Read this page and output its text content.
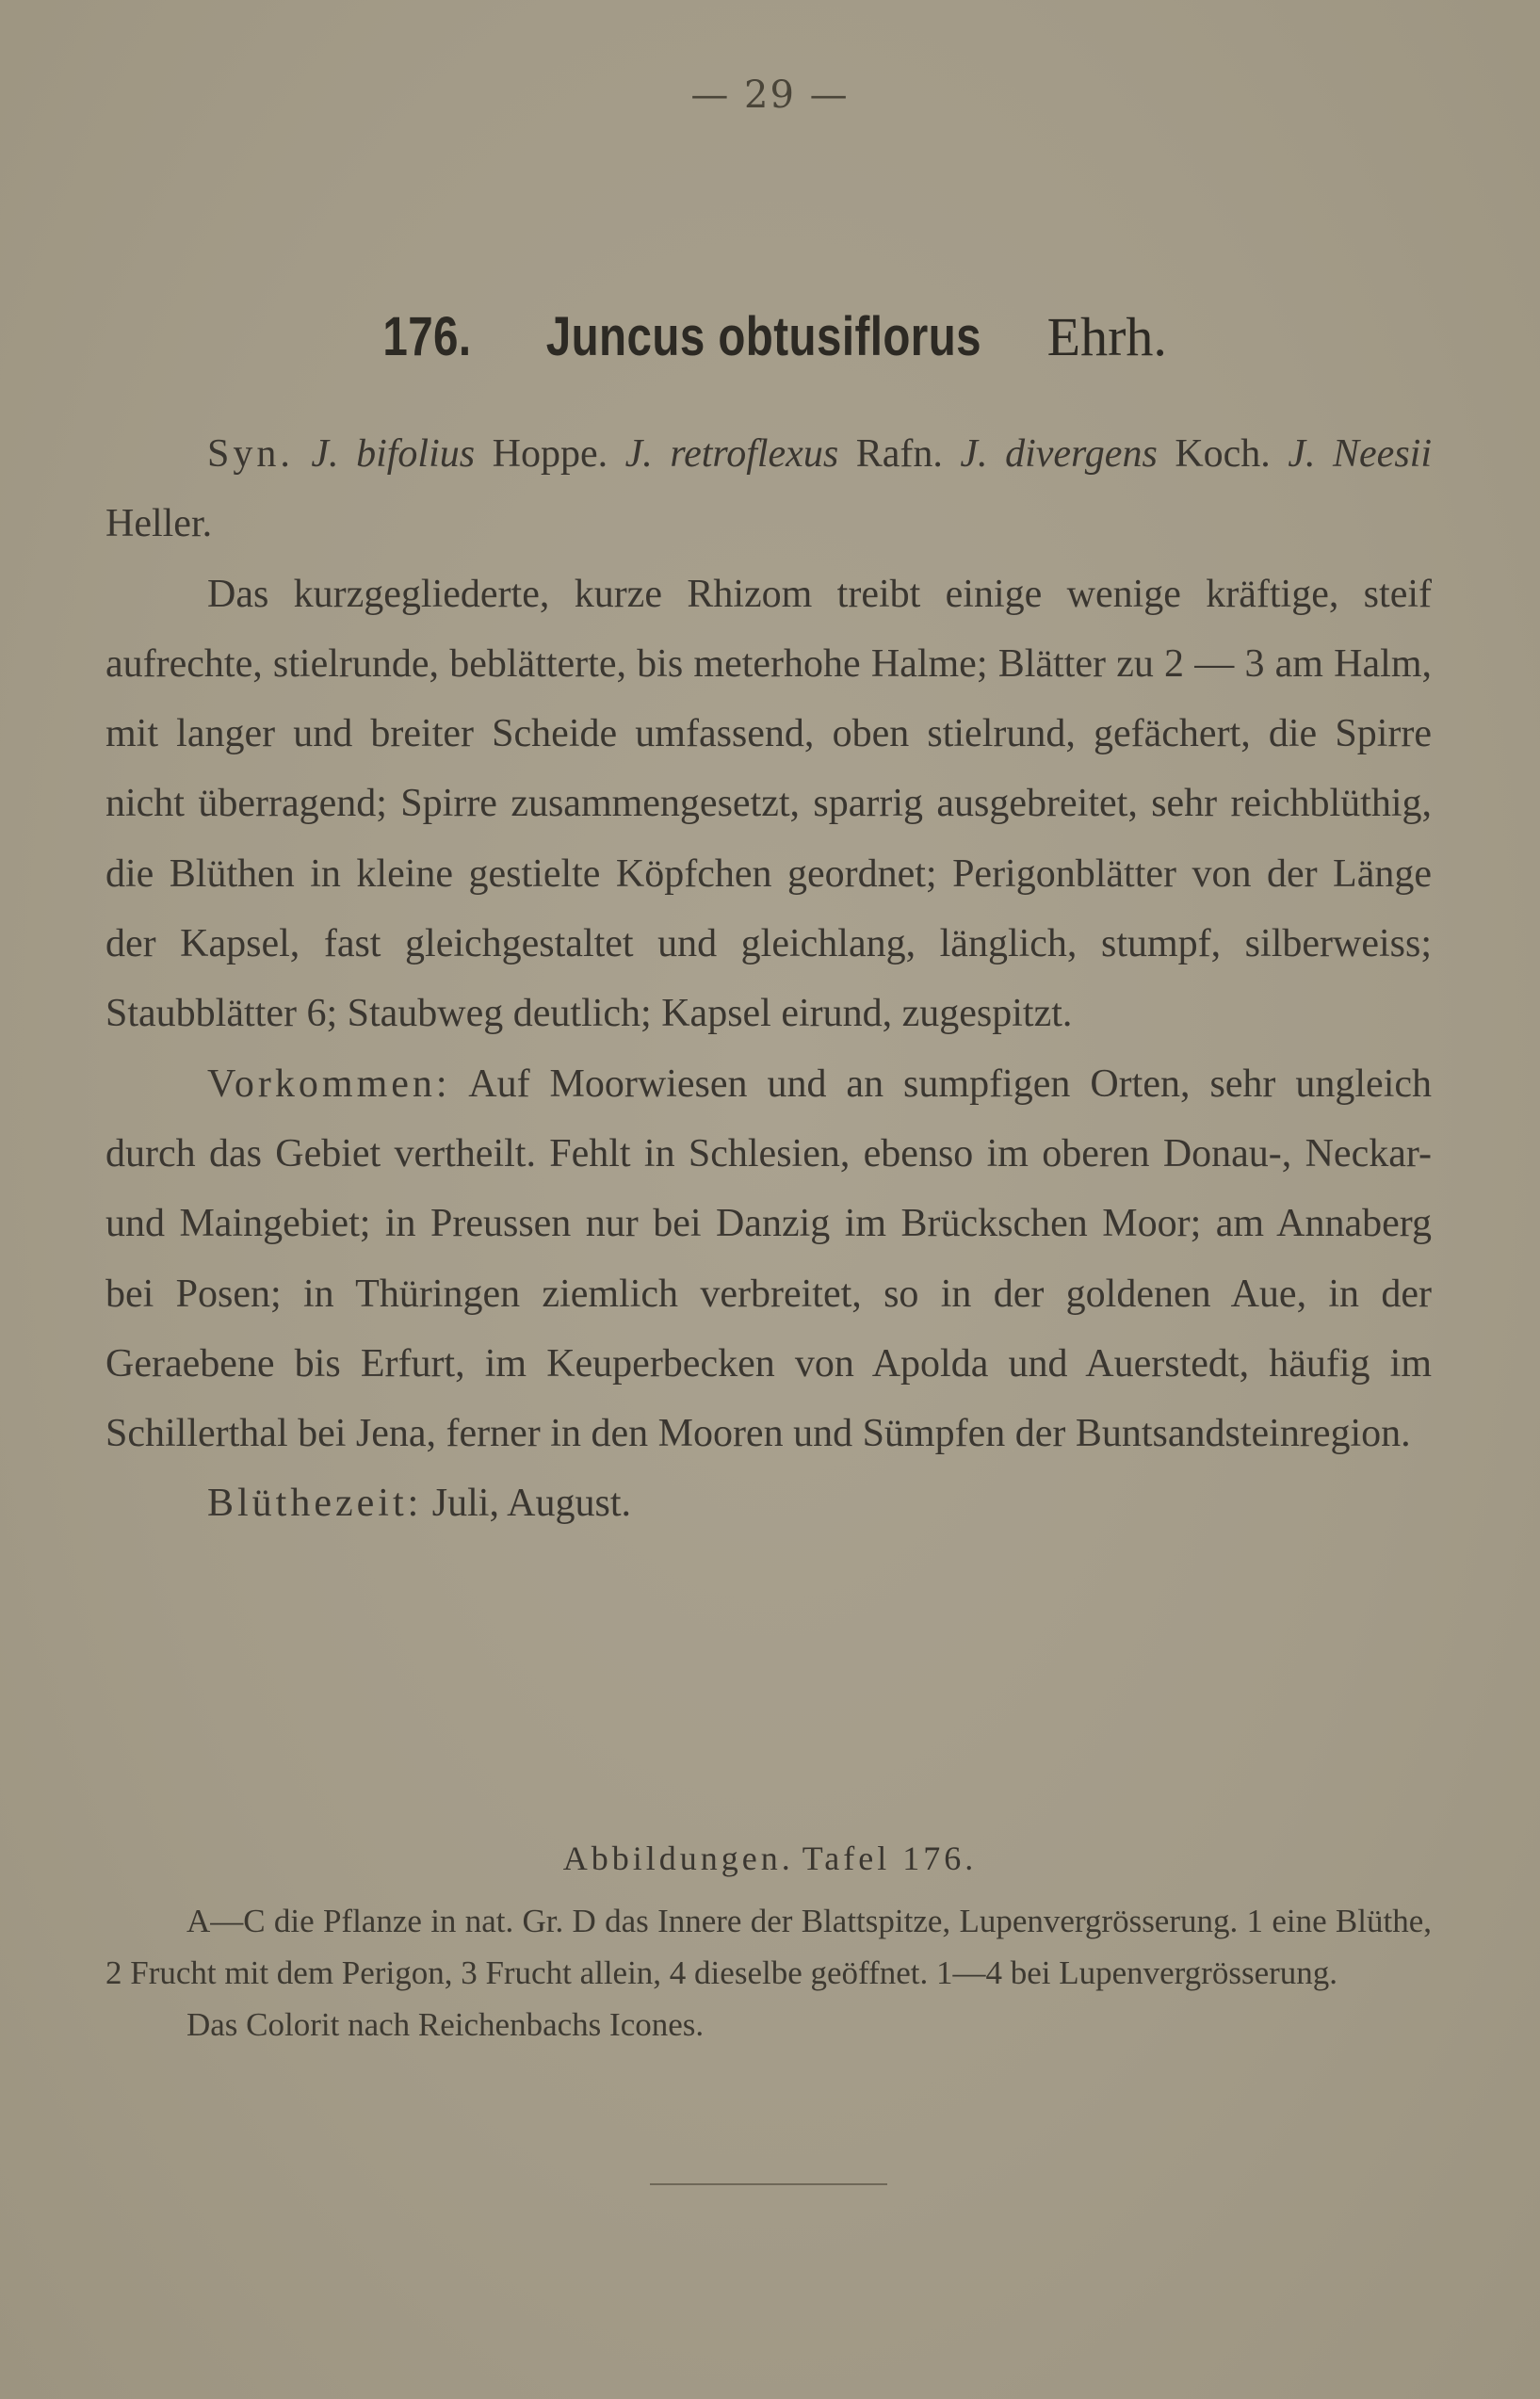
— 29 —
176. Juncus obtusiflorus Ehrh.

Syn. J. bifolius Hoppe. J. retroflexus Rafn. J. divergens Koch. J. Neesii Heller.

Das kurzgegliederte, kurze Rhizom treibt einige wenige kräftige, steif aufrechte, stielrunde, beblätterte, bis meterhohe Halme; Blätter zu 2 — 3 am Halm, mit langer und breiter Scheide umfassend, oben stielrund, gefächert, die Spirre nicht überragend; Spirre zusammengesetzt, sparrig ausgebreitet, sehr reichblüthig, die Blüthen in kleine gestielte Köpfchen geordnet; Perigonblätter von der Länge der Kapsel, fast gleichgestaltet und gleichlang, länglich, stumpf, silberweiss; Staubblätter 6; Staubweg deutlich; Kapsel eirund, zugespitzt.

Vorkommen: Auf Moorwiesen und an sumpfigen Orten, sehr ungleich durch das Gebiet vertheilt. Fehlt in Schlesien, ebenso im oberen Donau-, Neckar- und Maingebiet; in Preussen nur bei Danzig im Brückschen Moor; am Annaberg bei Posen; in Thüringen ziemlich verbreitet, so in der goldenen Aue, in der Geraebene bis Erfurt, im Keuperbecken von Apolda und Auerstedt, häufig im Schillerthal bei Jena, ferner in den Mooren und Sümpfen der Buntsandsteinregion.

Blüthezeit: Juli, August.

Abbildungen. Tafel 176.

A—C die Pflanze in nat. Gr. D das Innere der Blattspitze, Lupenvergrösserung. 1 eine Blüthe, 2 Frucht mit dem Perigon, 3 Frucht allein, 4 dieselbe geöffnet. 1—4 bei Lupenvergrösserung.

Das Colorit nach Reichenbachs Icones.
